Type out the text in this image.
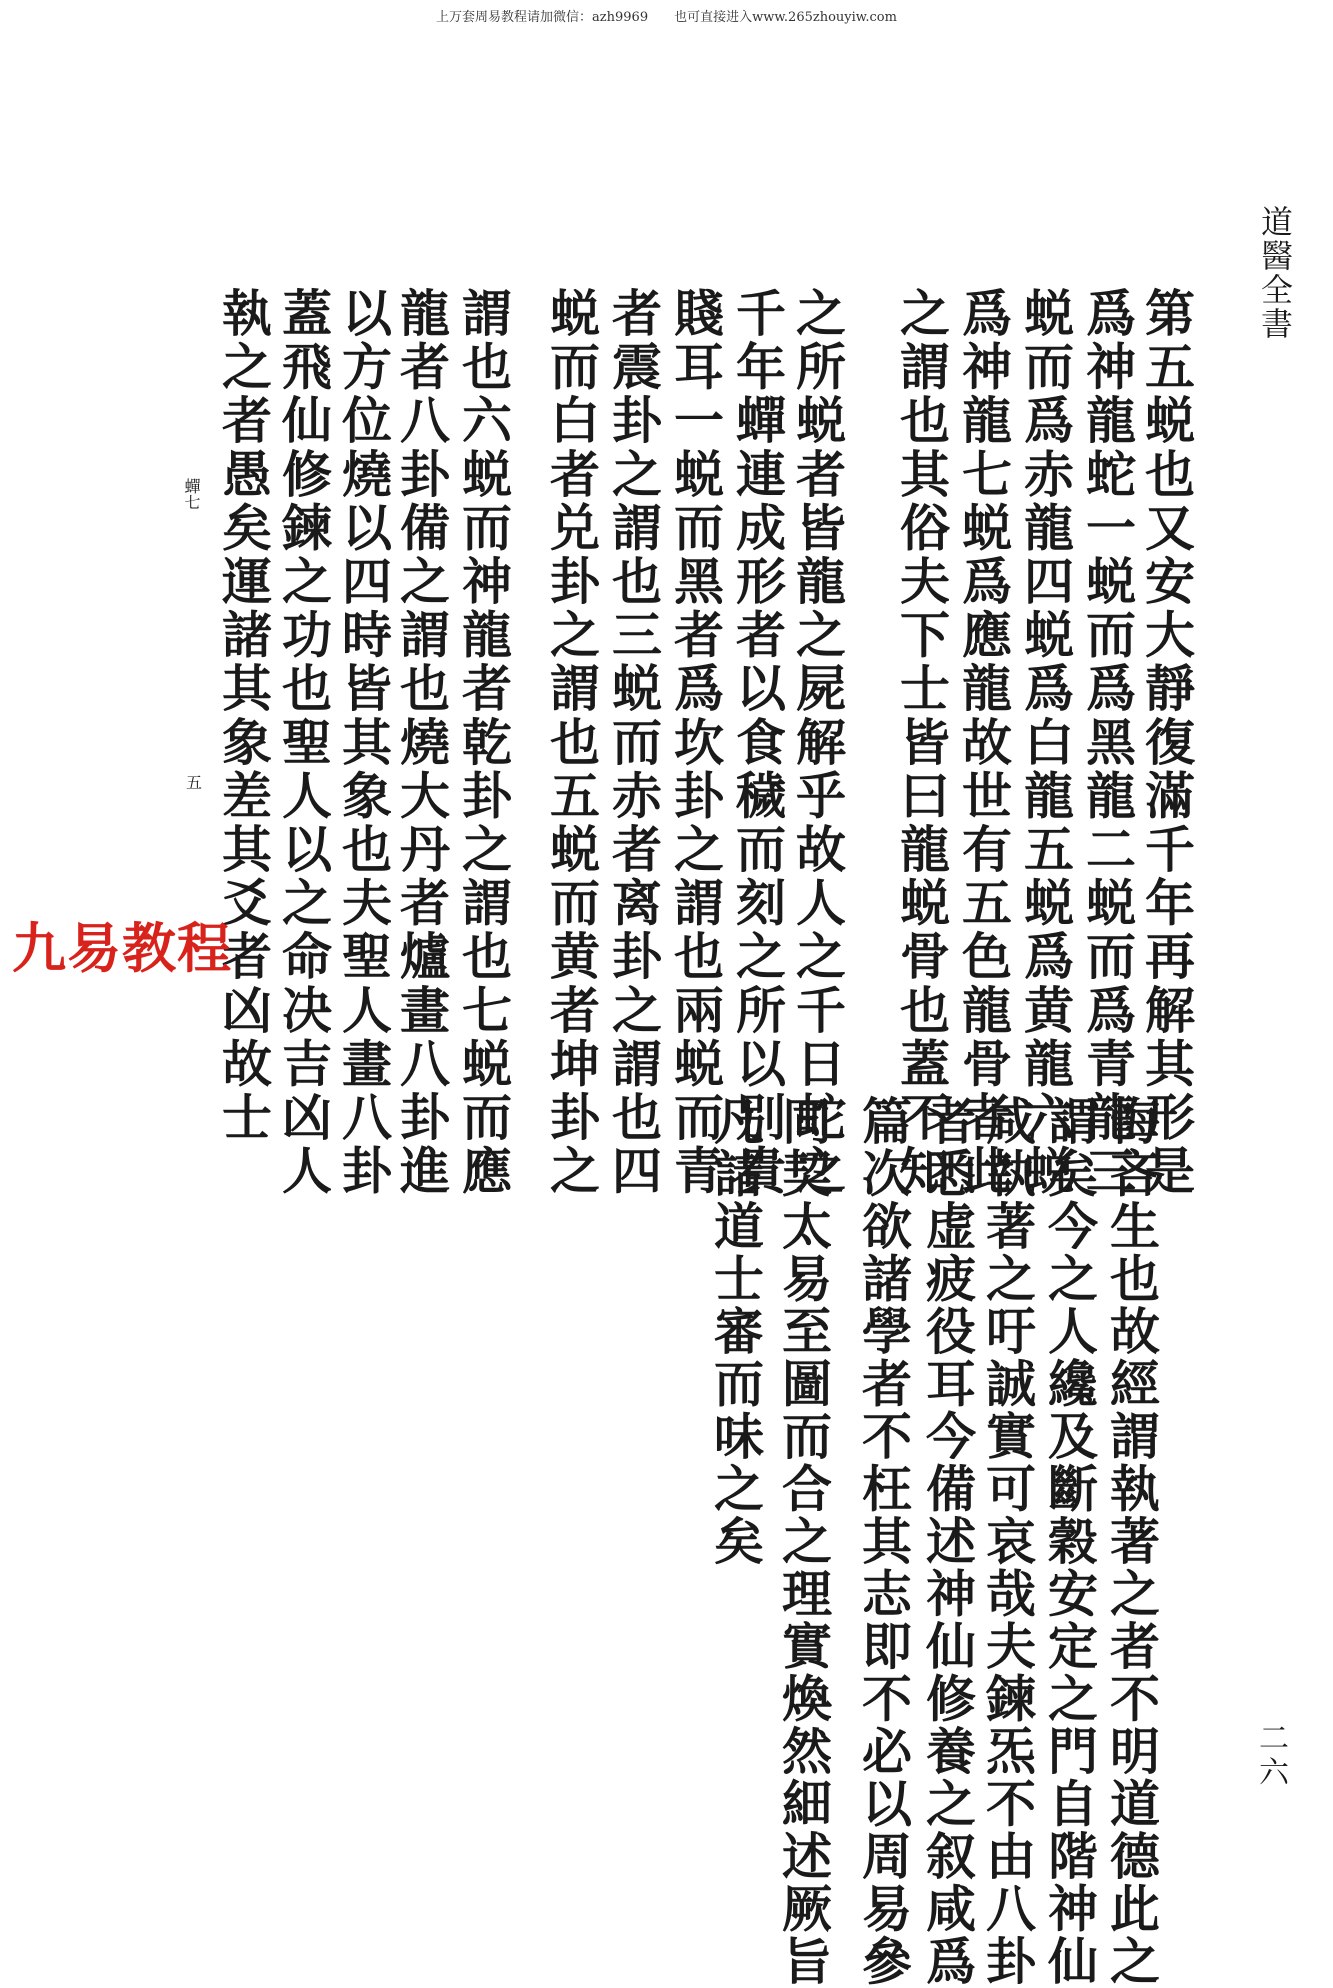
上万套周易教程请加微信：azh9969　　也可直接进入www.265zhouyiw.com
道醫全書
二六
第五蜕也又安大靜復滿千年再解其形是
爲神龍蛇一蜕而爲黑龍二蜕而爲青龍三
蜕而爲赤龍四蜕爲白龍五蜕爲黄龍六蜕
爲神龍七蜕爲應龍故世有五色龍骨者此
之謂也其俗夫下士皆曰龍蜕骨也蓋不知
之所蜕者皆龍之屍解乎故人之千日蛇之
千年蟬連成形者以食穢而刻之所以别貴
賤耳一蜕而黑者爲坎卦之謂也兩蜕而青
者震卦之謂也三蜕而赤者离卦之謂也四
蜕而白者兑卦之謂也五蜕而黄者坤卦之
謂也六蜕而神龍者乾卦之謂也七蜕而應
龍者八卦備之謂也燒大丹者爐畫八卦進
以方位燒以四時皆其象也夫聖人畫八卦
蓋飛仙修鍊之功也聖人以之命决吉凶人
執之者愚矣運諸其象差其爻者凶故士
悔吝生也故經謂執著之者不明道德此之
謂矣今之人纔及斷穀安定之門自階神仙
咸執著之吁誠實可哀哉夫鍊炁不由八卦
者悉虚疲役耳今備述神仙修養之叙咸爲
篇次欲諸學者不枉其志即不必以周易參
同契太易至圖而合之理實煥然細述厥旨
凡諸道士審而味之矣
蟬七
五
九易教程
